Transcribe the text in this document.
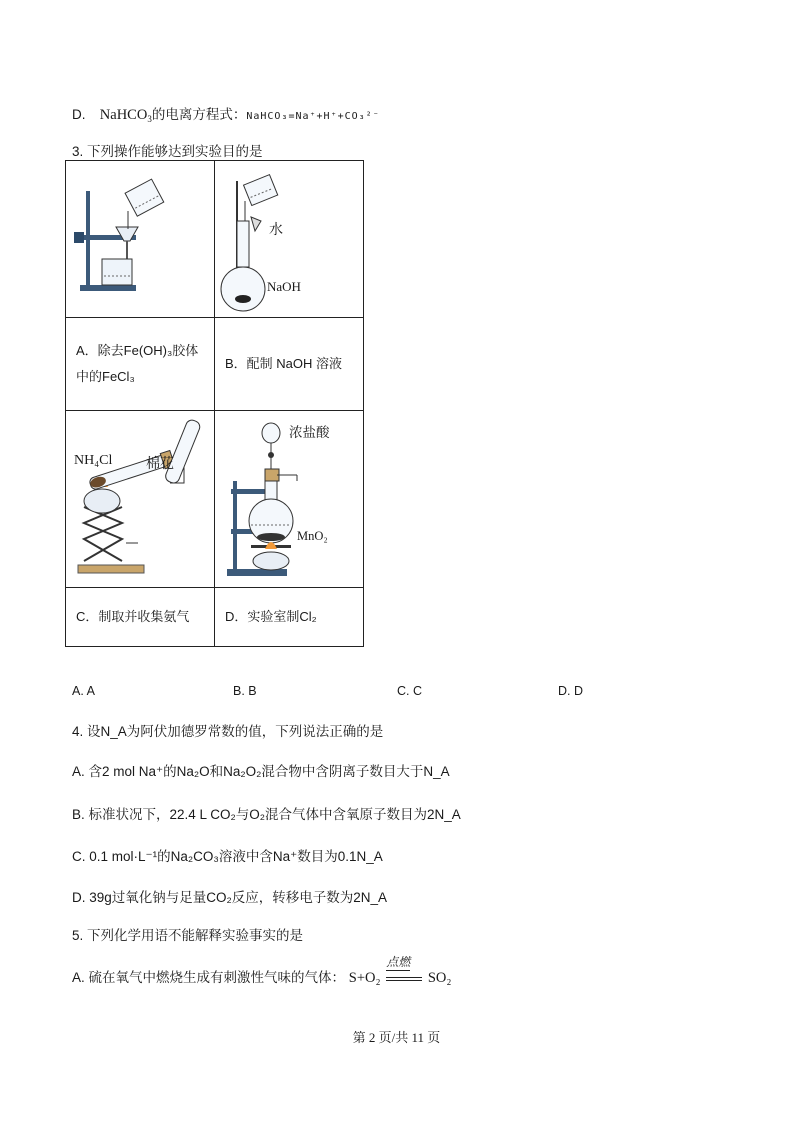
D. NaHCO$_3$的电离方程式：NaHCO₃=Na⁺+H⁺+CO₃²⁻
3. 下列操作能够达到实验目的是

水
NaOH

A．除去Fe(OH)₃胶体
中的FeCl₃	B．配制 NaOH 溶液

NH₄Cl 棉花	浓盐酸
MnO₂

C．制取并收集氨气	D．实验室制Cl₂
A. A	B. B	C. C	D. D
4. 设N_A为阿伏加德罗常数的值，下列说法正确的是
A. 含2 mol Na⁺的Na₂O和Na₂O₂混合物中含阴离子数目大于N_A
B. 标准状况下，22.4 L CO₂与O₂混合气体中含氧原子数目为2N_A
C. 0.1 mol·L⁻¹的Na₂CO₃溶液中含Na⁺数目为0.1N_A
D. 39g过氧化钠与足量CO₂反应，转移电子数为2N_A
5. 下列化学用语不能解释实验事实的是
A. 硫在氧气中燃烧生成有刺激性气味的气体： S+O₂
点燃
SO₂
第 2 页/共 11 页
